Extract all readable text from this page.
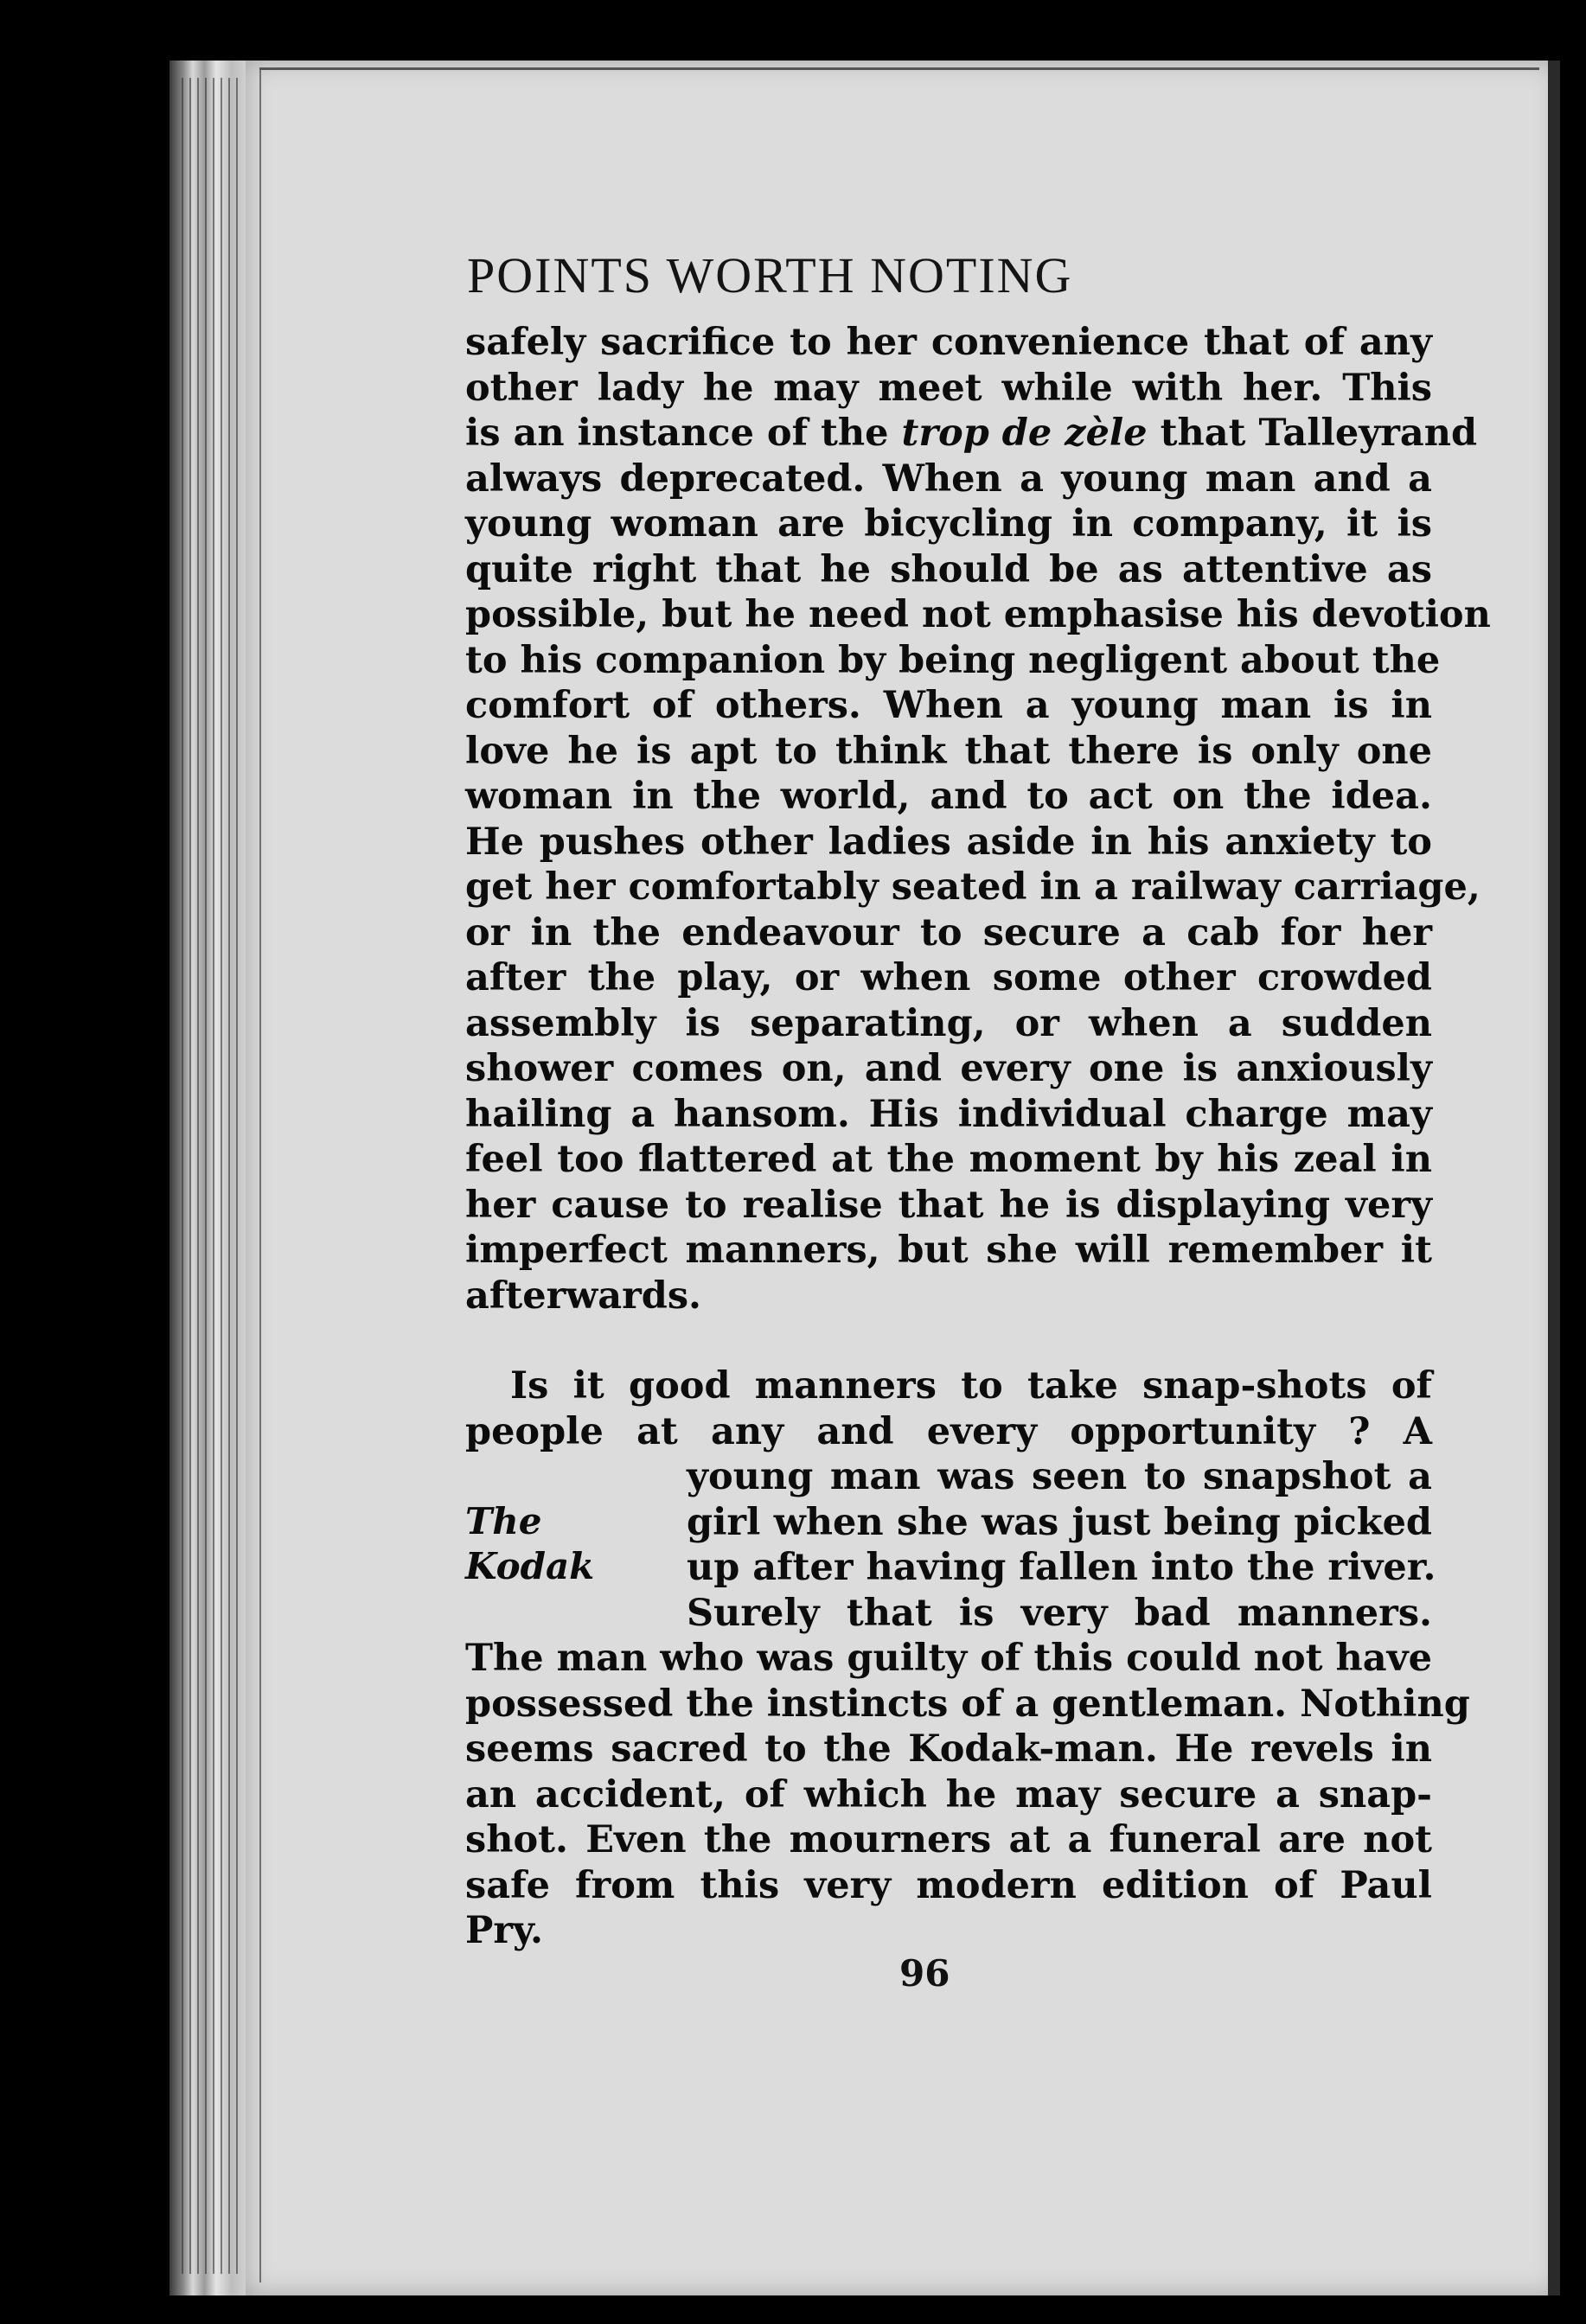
POINTS WORTH NOTING
safely sacrifice to her convenience that of any
other lady he may meet while with her. This
is an instance of the trop de zèle that Talleyrand
always deprecated. When a young man and a
young woman are bicycling in company, it is
quite right that he should be as attentive as
possible, but he need not emphasise his devotion
to his companion by being negligent about the
comfort of others. When a young man is in
love he is apt to think that there is only one
woman in the world, and to act on the idea.
He pushes other ladies aside in his anxiety to
get her comfortably seated in a railway carriage,
or in the endeavour to secure a cab for her
after the play, or when some other crowded
assembly is separating, or when a sudden
shower comes on, and every one is anxiously
hailing a hansom. His individual charge may
feel too flattered at the moment by his zeal in
her cause to realise that he is displaying very
imperfect manners, but she will remember it
afterwards.
Is it good manners to take snap-shots of
people at any and every opportunity ? A
young man was seen to snapshot a
girl when she was just being picked
up after having fallen into the river.
Surely that is very bad manners.
The man who was guilty of this could not have
possessed the instincts of a gentleman. Nothing
seems sacred to the Kodak-man. He revels in
an accident, of which he may secure a snap-
shot. Even the mourners at a funeral are not
safe from this very modern edition of Paul
Pry.
The
Kodak
96
